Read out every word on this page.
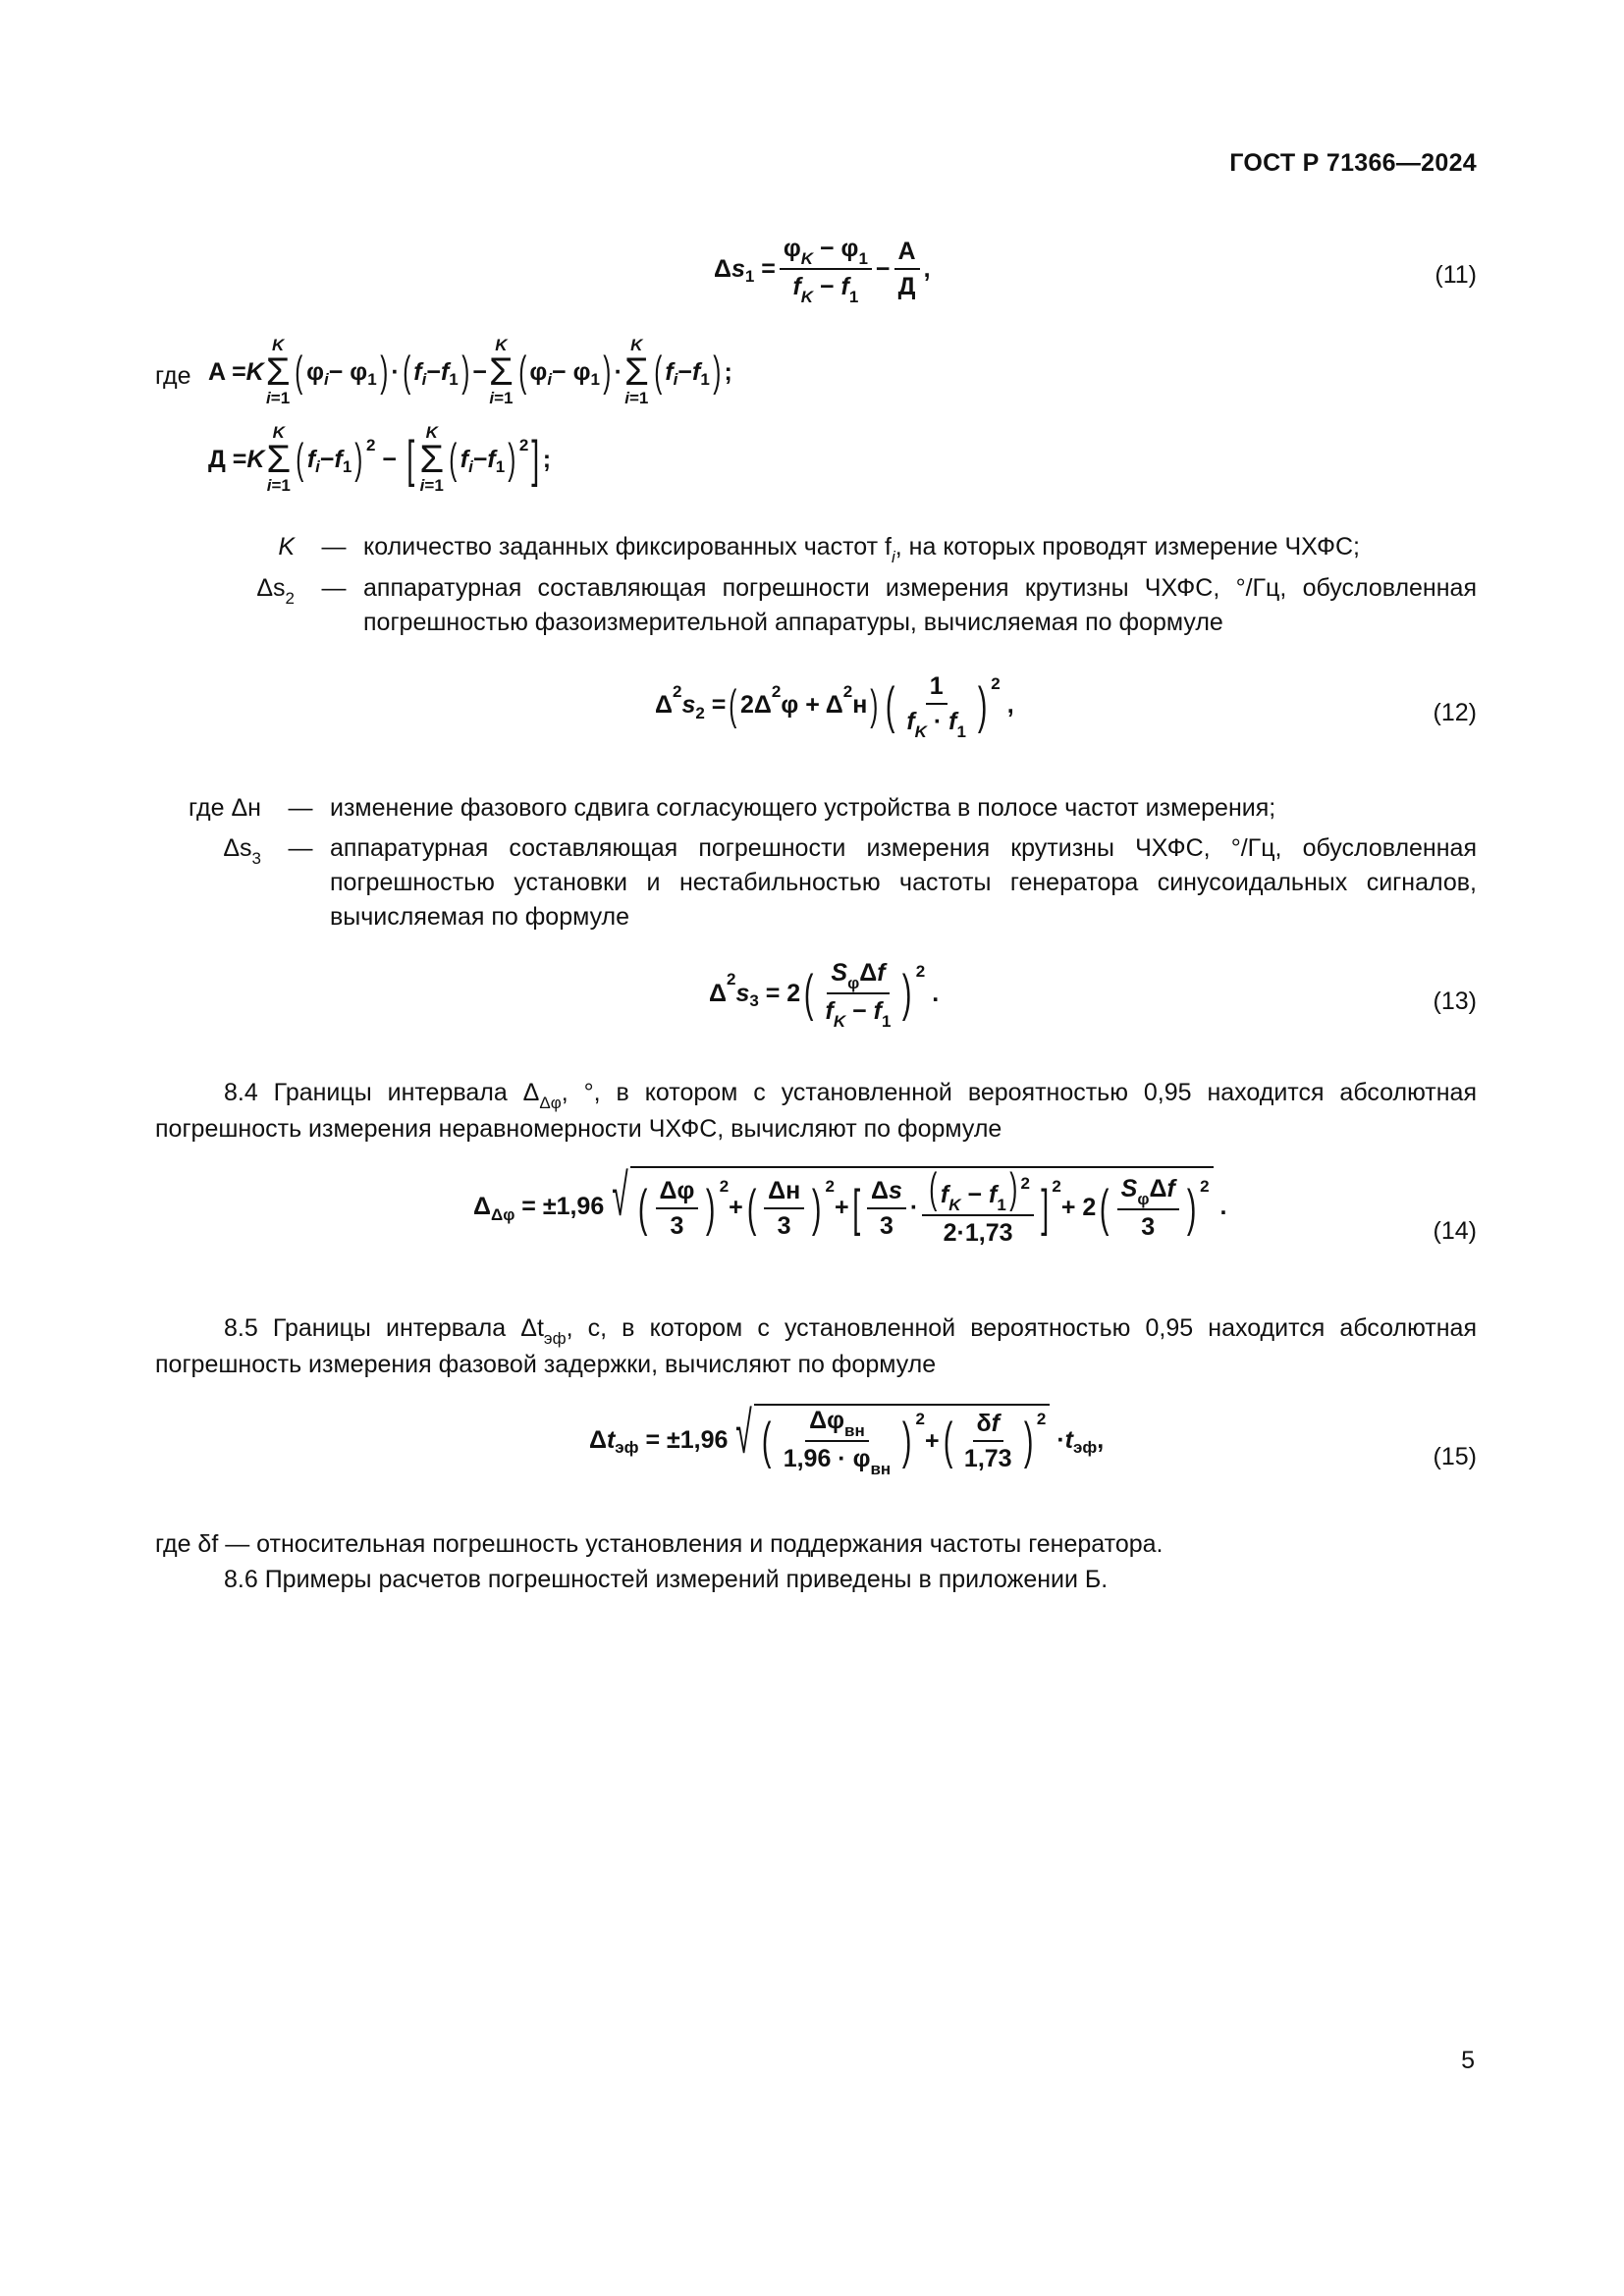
ГОСТ Р 71366—2024
Δ s $1 = \frac{\varphi_K - \varphi_1}{f_K - f_1} - \frac{A}{Д}$ ,	(11)
где A = K
K
Σ
i=1
( φ i − φ 1 ) · ( f i − f 1 ) −
K
Σ
i=1
( φ i − φ 1 ) ·
K
Σ
i=1
( f i − f 1 ) ;
Д = K
K
Σ
i=1
( f i − f 1 ) 2 − [ K
Σ
i=1
( f i − f 1 ) 2 ] ;
K	— количество заданных фиксированных частот $f_i$, на которых проводят измерение ЧХФС;
$\Delta s_2$	— аппаратурная составляющая погрешности измерения крутизны ЧХФС, °/Гц, обусловленная погрешностью фазоизмерительной аппаратуры, вычисляемая по формуле
Δ 2 s 2 = ( 2Δ 2 φ + Δ 2 н ) ( $\frac{1}{f_K \cdot f_1}$ ) 2
,	(12)
где Δн	— изменение фазового сдвига согласующего устройства в полосе частот измерения;
$\Delta s_3$	— аппаратурная составляющая погрешности измерения крутизны ЧХФС, °/Гц, обусловленная погрешностью установки и нестабильностью частоты генератора синусоидальных сигналов, вычисляемая по формуле
Δ 2 s 3 = 2 ( $\frac{S_\varphi\Delta f}{f_K - f_1}$ ) 2
.	(13)
8.4 Границы интервала $\Delta_{\Delta\varphi}$, °, в котором с установленной вероятностью 0,95 находится абсолютная погрешность измерения неравномерности ЧХФС, вычисляют по формуле
Δ Δφ = ±1,96 √ ( $\frac{\Delta\varphi}{3}$ ) 2
+ ( $\frac{\Delta н}{3}$ ) 2
+ [ $\frac{\Delta s}{3} \cdot \frac{( f_K - f_1) ^2}{2\cdot 1,73}$ ] 2
+ 2 ( $\frac{S_\varphi\Delta f}{3}$ ) 2
.
(14)
8.5 Границы интервала $\Delta t_{эф}$, с, в котором с установленной вероятностью 0,95 находится абсолютная погрешность измерения фазовой задержки, вычисляют по формуле
Δ t эф = ±1,96 √ ( $\frac{\Delta\varphi_{вн}}{1,96 \cdot \varphi_{вн}}$ ) 2
+ ( $\frac{\delta f}{1,73}$ ) 2
· t эф ,
(15)
где δf — относительная погрешность установления и поддержания частоты генератора.
8.6 Примеры расчетов погрешностей измерений приведены в приложении Б.
5
